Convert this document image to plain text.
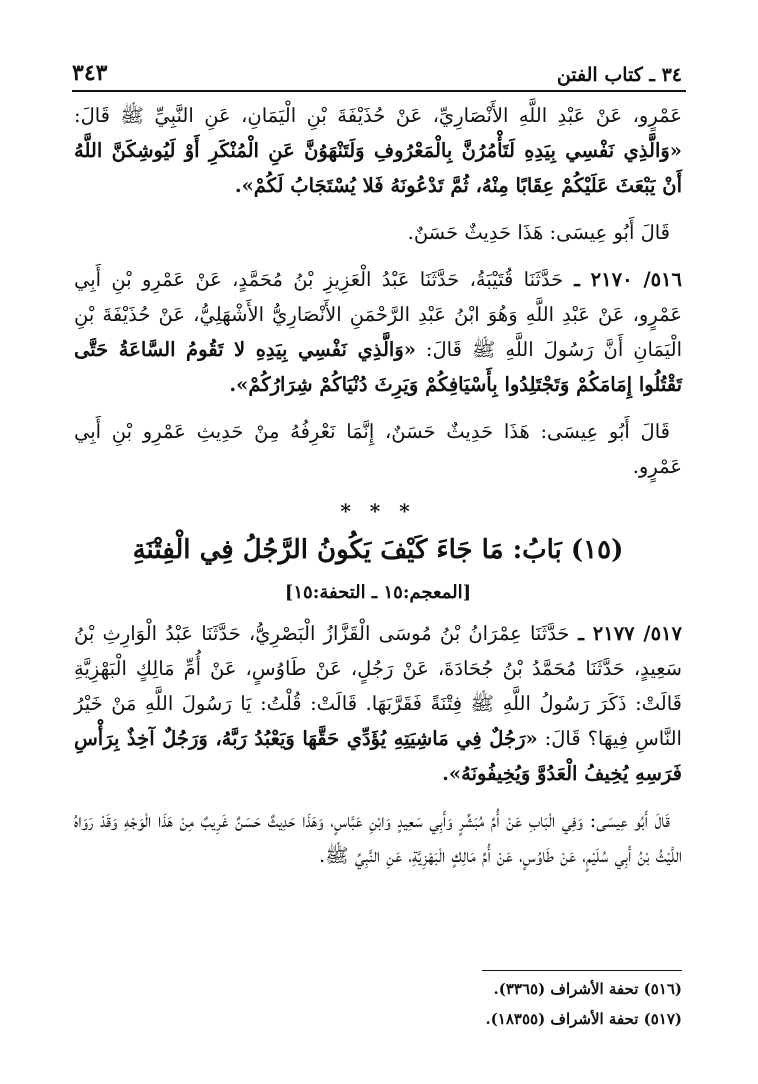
٣٤ ـ كتاب الفتن
٣٤٣

عَمْرٍو، عَنْ عَبْدِ اللَّهِ الأَنْصَارِيِّ، عَنْ حُذَيْفَةَ بْنِ الْيَمَانِ، عَنِ النَّبِيِّ ﷺ قَالَ: «وَالَّذِي نَفْسِي بِيَدِهِ لَتَأْمُرُنَّ بِالْمَعْرُوفِ وَلَتَنْهَوُنَّ عَنِ الْمُنْكَرِ أَوْ لَيُوشِكَنَّ اللَّهُ أَنْ يَبْعَثَ عَلَيْكُمْ عِقَابًا مِنْهُ، ثُمَّ تَدْعُونَهُ فَلا يُسْتَجَابُ لَكُمْ».

قَالَ أَبُو عِيسَى: هَذَا حَدِيثٌ حَسَنٌ.

٥١٦/ ٢١٧٠ ـ حَدَّثَنَا قُتَيْبَةُ، حَدَّثَنَا عَبْدُ الْعَزِيزِ بْنُ مُحَمَّدٍ، عَنْ عَمْرِو بْنِ أَبِي عَمْرٍو، عَنْ عَبْدِ اللَّهِ وَهُوَ ابْنُ عَبْدِ الرَّحْمَنِ الأَنْصَارِيُّ الأَشْهَلِيُّ، عَنْ حُذَيْفَةَ بْنِ الْيَمَانِ أَنَّ رَسُولَ اللَّهِ ﷺ قَالَ: «وَالَّذِي نَفْسِي بِيَدِهِ لا تَقُومُ السَّاعَةُ حَتَّى تَقْتُلُوا إِمَامَكُمْ وَتَجْتَلِدُوا بِأَسْيَافِكُمْ وَيَرِثَ دُنْيَاكُمْ شِرَارُكُمْ».

قَالَ أَبُو عِيسَى: هَذَا حَدِيثٌ حَسَنٌ، إِنَّمَا نَعْرِفُهُ مِنْ حَدِيثِ عَمْرِو بْنِ أَبِي عَمْرٍو.

* * *
(١٥) بَابُ: مَا جَاءَ كَيْفَ يَكُونُ الرَّجُلُ فِي الْفِتْنَةِ
[المعجم:١٥ ـ التحفة:١٥]

٥١٧/ ٢١٧٧ ـ حَدَّثَنَا عِمْرَانُ بْنُ مُوسَى الْقَزَّازُ الْبَصْرِيُّ، حَدَّثَنَا عَبْدُ الْوَارِثِ بْنُ سَعِيدٍ، حَدَّثَنَا مُحَمَّدُ بْنُ جُحَادَةَ، عَنْ رَجُلٍ، عَنْ طَاوُسٍ، عَنْ أُمِّ مَالِكٍ الْبَهْزِيَّةِ قَالَتْ: ذَكَرَ رَسُولُ اللَّهِ ﷺ فِتْنَةً فَقَرَّبَهَا. قَالَتْ: قُلْتُ: يَا رَسُولَ اللَّهِ مَنْ خَيْرُ النَّاسِ فِيهَا؟ قَالَ: «رَجُلٌ فِي مَاشِيَتِهِ يُؤَدِّي حَقَّهَا وَيَعْبُدُ رَبَّهُ، وَرَجُلٌ آخِذٌ بِرَأْسِ فَرَسِهِ يُخِيفُ الْعَدُوَّ وَيُخِيفُونَهُ».

قَالَ أَبُو عِيسَى: وَفِي الْبَابِ عَنْ أُمِّ مُبَشِّرٍ وَأَبِي سَعِيدٍ وَابْنِ عَبَّاسٍ، وَهَذَا حَدِيثٌ حَسَنٌ غَرِيبٌ مِنْ هَذَا الْوَجْهِ وَقَدْ رَوَاهُ اللَّيْثُ بْنُ أَبِي سُلَيْمٍ، عَنْ طَاوُسٍ، عَنْ أُمِّ مَالِكٍ الْبَهْزِيَّةِ، عَنِ النَّبِيِّ ﷺ.

(٥١٦) تحفة الأشراف (٣٣٦٥).

(٥١٧) تحفة الأشراف (١٨٣٥٥).
